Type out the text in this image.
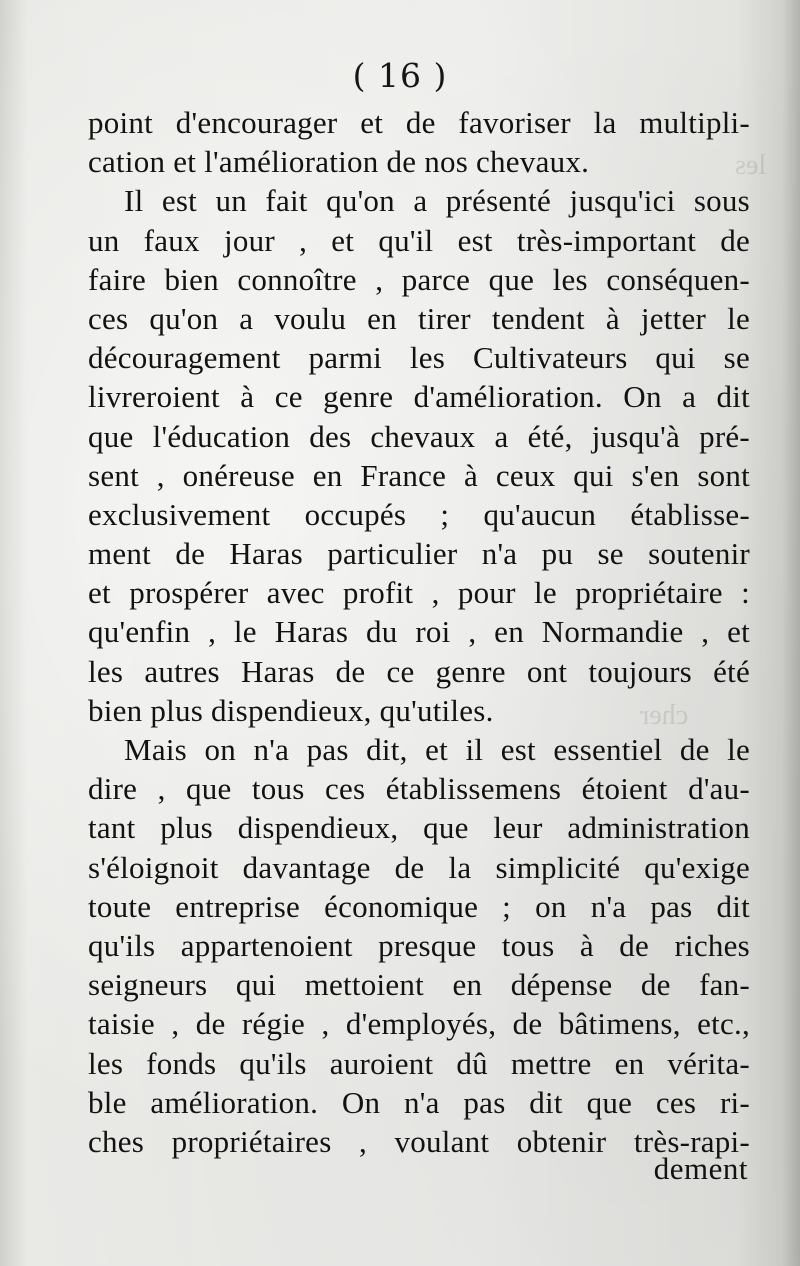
les
cher
( 16 )
point d'encourager et de favoriser la multipli-
cation et l'amélioration de nos chevaux.
Il est un fait qu'on a présenté jusqu'ici sous
un faux jour , et qu'il est très-important de
faire bien connoître , parce que les conséquen-
ces qu'on a voulu en tirer tendent à jetter le
découragement parmi les Cultivateurs qui se
livreroient à ce genre d'amélioration. On a dit
que l'éducation des chevaux a été, jusqu'à pré-
sent , onéreuse en France à ceux qui s'en sont
exclusivement occupés ; qu'aucun établisse-
ment de Haras particulier n'a pu se soutenir
et prospérer avec profit , pour le propriétaire :
qu'enfin , le Haras du roi , en Normandie , et
les autres Haras de ce genre ont toujours été
bien plus dispendieux, qu'utiles.
Mais on n'a pas dit, et il est essentiel de le
dire , que tous ces établissemens étoient d'au-
tant plus dispendieux, que leur administration
s'éloignoit davantage de la simplicité qu'exige
toute entreprise économique ; on n'a pas dit
qu'ils appartenoient presque tous à de riches
seigneurs qui mettoient en dépense de fan-
taisie , de régie , d'employés, de bâtimens, etc.,
les fonds qu'ils auroient dû mettre en vérita-
ble amélioration. On n'a pas dit que ces ri-
ches propriétaires , voulant obtenir très-rapi-
dement
